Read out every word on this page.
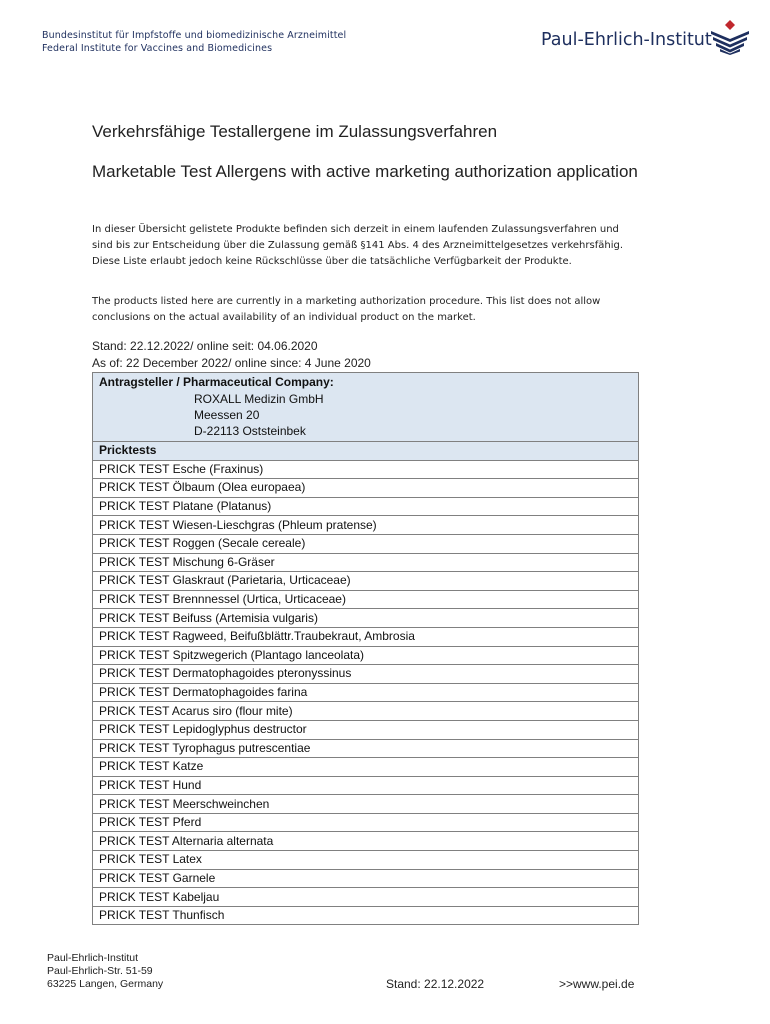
Bundesinstitut für Impfstoffe und biomedizinische Arzneimittel
Federal Institute for Vaccines and Biomedicines	Paul-Ehrlich-Institut
Verkehrsfähige Testallergene im Zulassungsverfahren
Marketable Test Allergens with active marketing authorization application
In dieser Übersicht gelistete Produkte befinden sich derzeit in einem laufenden Zulassungsverfahren und sind bis zur Entscheidung über die Zulassung gemäß §141 Abs. 4 des Arzneimittelgesetzes verkehrsfähig. Diese Liste erlaubt jedoch keine Rückschlüsse über die tatsächliche Verfügbarkeit der Produkte.
The products listed here are currently in a marketing authorization procedure. This list does not allow conclusions on the actual availability of an individual product on the market.
Stand: 22.12.2022/ online seit: 04.06.2020
As of: 22 December 2022/ online since: 4 June 2020
Antragsteller / Pharmaceutical Company:
ROXALL Medizin GmbH
Meessen 20
D-22113 Oststeinbek

Pricktests
PRICK TEST Esche (Fraxinus)
PRICK TEST Ölbaum (Olea europaea)
PRICK TEST Platane (Platanus)
PRICK TEST Wiesen-Lieschgras (Phleum pratense)
PRICK TEST Roggen (Secale cereale)
PRICK TEST Mischung 6-Gräser
PRICK TEST Glaskraut (Parietaria, Urticaceae)
PRICK TEST Brennnessel (Urtica, Urticaceae)
PRICK TEST Beifuss (Artemisia vulgaris)
PRICK TEST Ragweed, Beifußblättr.Traubekraut, Ambrosia
PRICK TEST Spitzwegerich (Plantago lanceolata)
PRICK TEST Dermatophagoides pteronyssinus
PRICK TEST Dermatophagoides farina
PRICK TEST Acarus siro (flour mite)
PRICK TEST Lepidoglyphus destructor
PRICK TEST Tyrophagus putrescentiae
PRICK TEST Katze
PRICK TEST Hund
PRICK TEST Meerschweinchen
PRICK TEST Pferd
PRICK TEST Alternaria alternata
PRICK TEST Latex
PRICK TEST Garnele
PRICK TEST Kabeljau
PRICK TEST Thunfisch
Paul-Ehrlich-Institut
Paul-Ehrlich-Str. 51-59
63225 Langen, Germany	Stand: 22.12.2022	>>www.pei.de
